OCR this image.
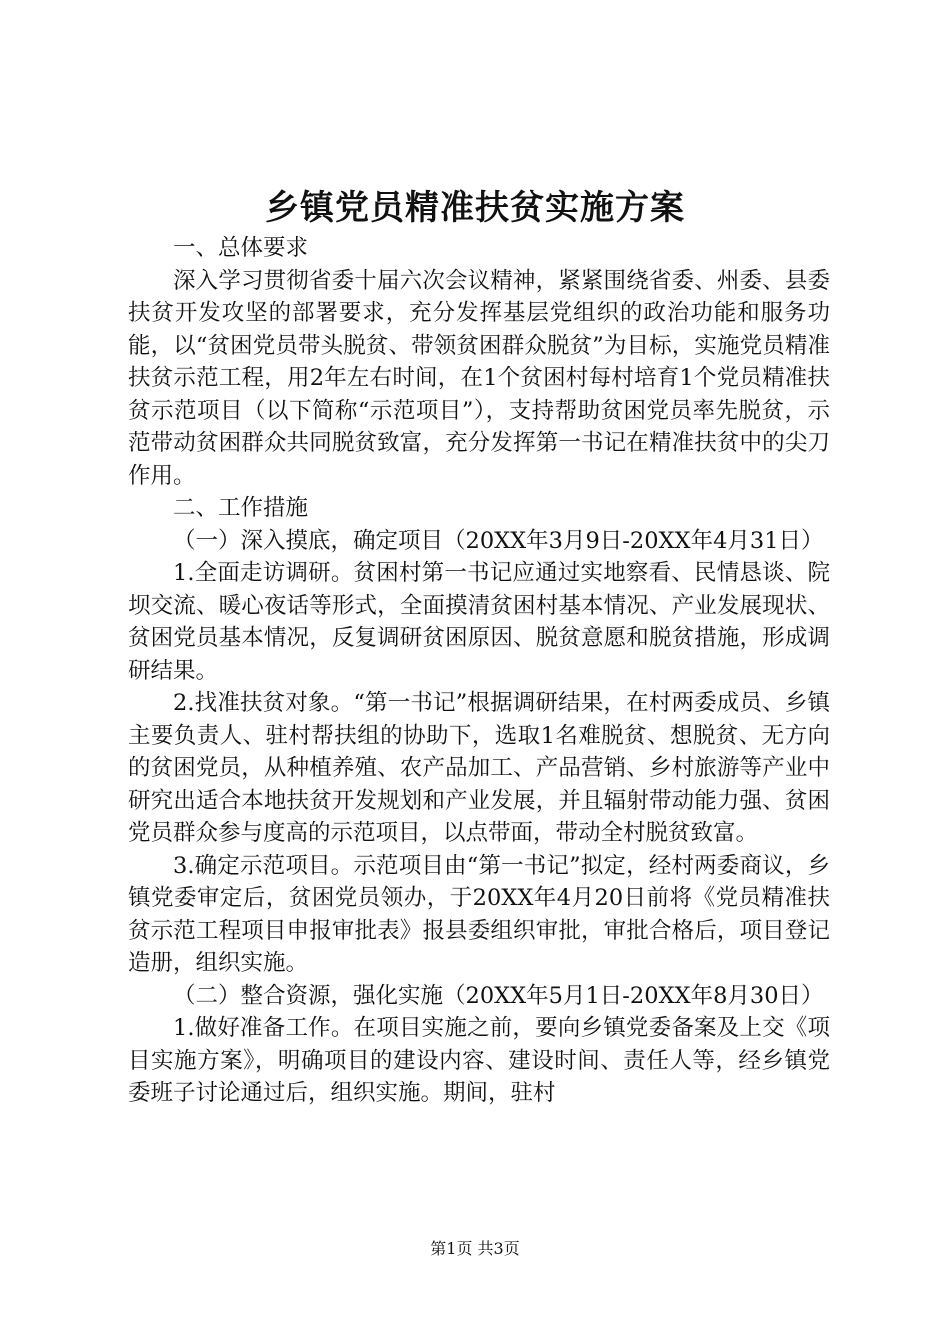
乡镇党员精准扶贫实施方案

一、总体要求

深入学习贯彻省委十届六次会议精神，紧紧围绕省委、州委、县委扶贫开发攻坚的部署要求，充分发挥基层党组织的政治功能和服务功能，以“贫困党员带头脱贫、带领贫困群众脱贫”为目标，实施党员精准扶贫示范工程，用2年左右时间，在1个贫困村每村培育1个党员精准扶贫示范项目（以下简称“示范项目”），支持帮助贫困党员率先脱贫，示范带动贫困群众共同脱贫致富，充分发挥第一书记在精准扶贫中的尖刀作用。

二、工作措施

（一）深入摸底，确定项目（20XX年3月9日-20XX年4月31日）

1.全面走访调研。贫困村第一书记应通过实地察看、民情恳谈、院坝交流、暖心夜话等形式，全面摸清贫困村基本情况、产业发展现状、贫困党员基本情况，反复调研贫困原因、脱贫意愿和脱贫措施，形成调研结果。

2.找准扶贫对象。“第一书记”根据调研结果，在村两委成员、乡镇主要负责人、驻村帮扶组的协助下，选取1名难脱贫、想脱贫、无方向的贫困党员，从种植养殖、农产品加工、产品营销、乡村旅游等产业中研究出适合本地扶贫开发规划和产业发展，并且辐射带动能力强、贫困党员群众参与度高的示范项目，以点带面，带动全村脱贫致富。

3.确定示范项目。示范项目由“第一书记”拟定，经村两委商议，乡镇党委审定后，贫困党员领办，于20XX年4月20日前将《党员精准扶贫示范工程项目申报审批表》报县委组织审批，审批合格后，项目登记造册，组织实施。

（二）整合资源，强化实施（20XX年5月1日-20XX年8月30日）

1.做好准备工作。在项目实施之前，要向乡镇党委备案及上交《项目实施方案》，明确项目的建设内容、建设时间、责任人等，经乡镇党委班子讨论通过后，组织实施。期间，驻村

第1页 共3页
